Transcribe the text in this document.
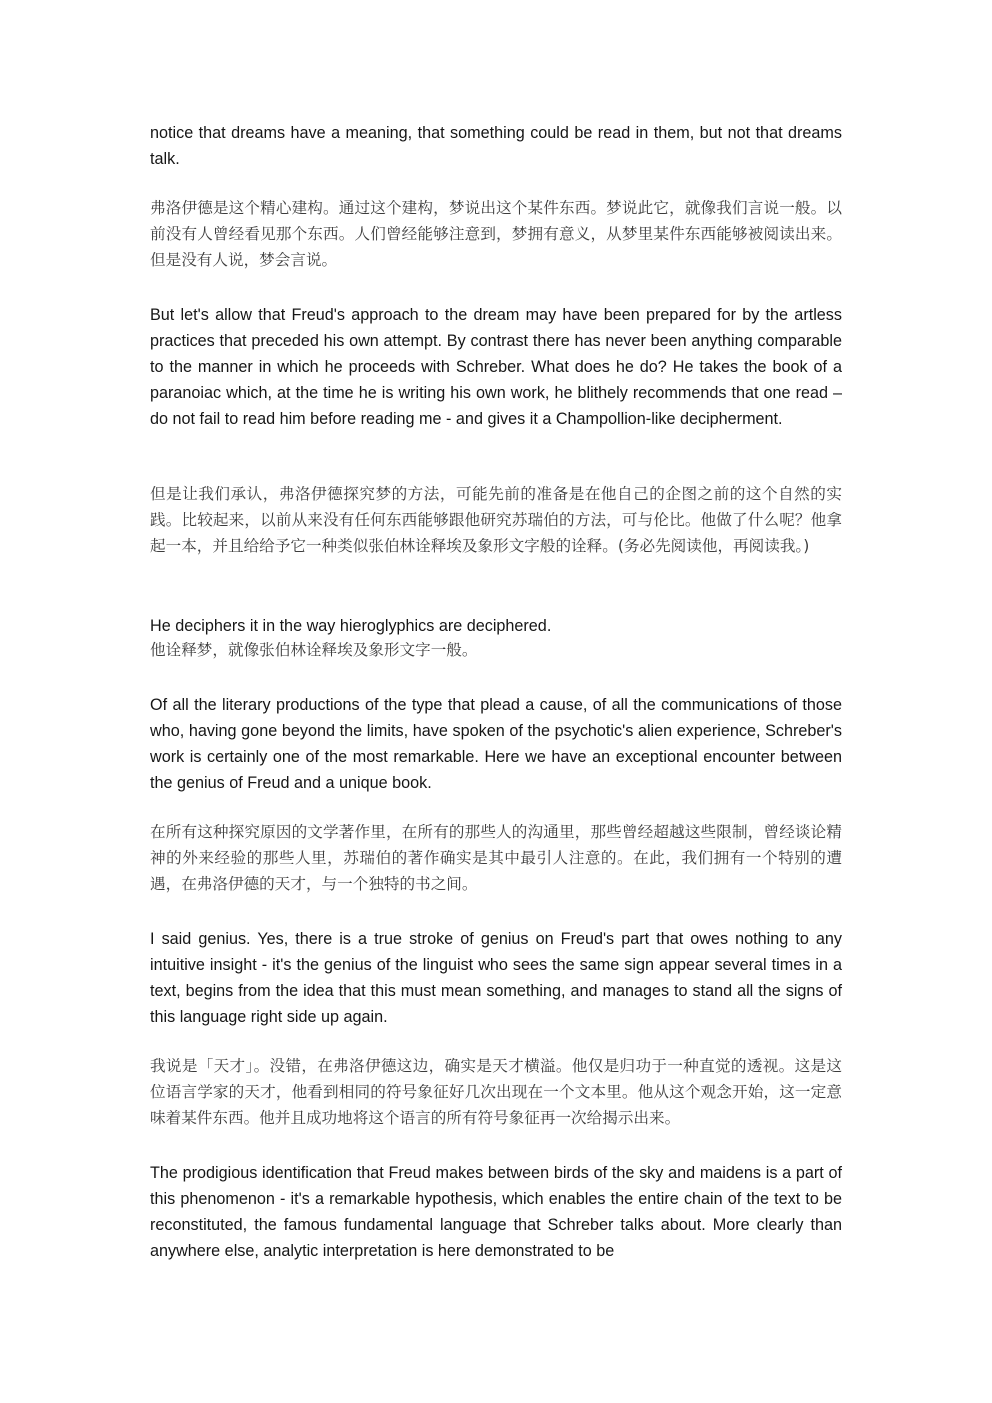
notice that dreams have a meaning, that something could be read in them, but not that dreams talk.

弗洛伊德是这个精心建构。通过这个建构，梦说出这个某件东西。梦说此它，就像我们言说一般。以前没有人曾经看见那个东西。人们曾经能够注意到，梦拥有意义，从梦里某件东西能够被阅读出来。但是没有人说，梦会言说。

But let's allow that Freud's approach to the dream may have been prepared for by the artless practices that preceded his own attempt. By contrast there has never been anything comparable to the manner in which he proceeds with Schreber. What does he do? He takes the book of a paranoiac which, at the time he is writing his own work, he blithely recommends that one read – do not fail to read him before reading me - and gives it a Champollion-like decipherment.

但是让我们承认，弗洛伊德探究梦的方法，可能先前的准备是在他自己的企图之前的这个自然的实践。比较起来，以前从来没有任何东西能够跟他研究苏瑞伯的方法，可与伦比。他做了什么呢？他拿起一本，并且给给予它一种类似张伯林诠释埃及象形文字般的诠释。(务必先阅读他，再阅读我。)

He deciphers it in the way hieroglyphics are deciphered.
他诠释梦，就像张伯林诠释埃及象形文字一般。

Of all the literary productions of the type that plead a cause, of all the communications of those who, having gone beyond the limits, have spoken of the psychotic's alien experience, Schreber's work is certainly one of the most remarkable. Here we have an exceptional encounter between the genius of Freud and a unique book.

在所有这种探究原因的文学著作里，在所有的那些人的沟通里，那些曾经超越这些限制，曾经谈论精神的外来经验的那些人里，苏瑞伯的著作确实是其中最引人注意的。在此，我们拥有一个特别的遭遇，在弗洛伊德的天才，与一个独特的书之间。

I said genius. Yes, there is a true stroke of genius on Freud's part that owes nothing to any intuitive insight - it's the genius of the linguist who sees the same sign appear several times in a text, begins from the idea that this must mean something, and manages to stand all the signs of this language right side up again.

我说是「天才」。没错，在弗洛伊德这边，确实是天才横溢。他仅是归功于一种直觉的透视。这是这位语言学家的天才，他看到相同的符号象征好几次出现在一个文本里。他从这个观念开始，这一定意味着某件东西。他并且成功地将这个语言的所有符号象征再一次给揭示出来。

The prodigious identification that Freud makes between birds of the sky and maidens is a part of this phenomenon - it's a remarkable hypothesis, which enables the entire chain of the text to be reconstituted, the famous fundamental language that Schreber talks about. More clearly than anywhere else, analytic interpretation is here demonstrated to be
